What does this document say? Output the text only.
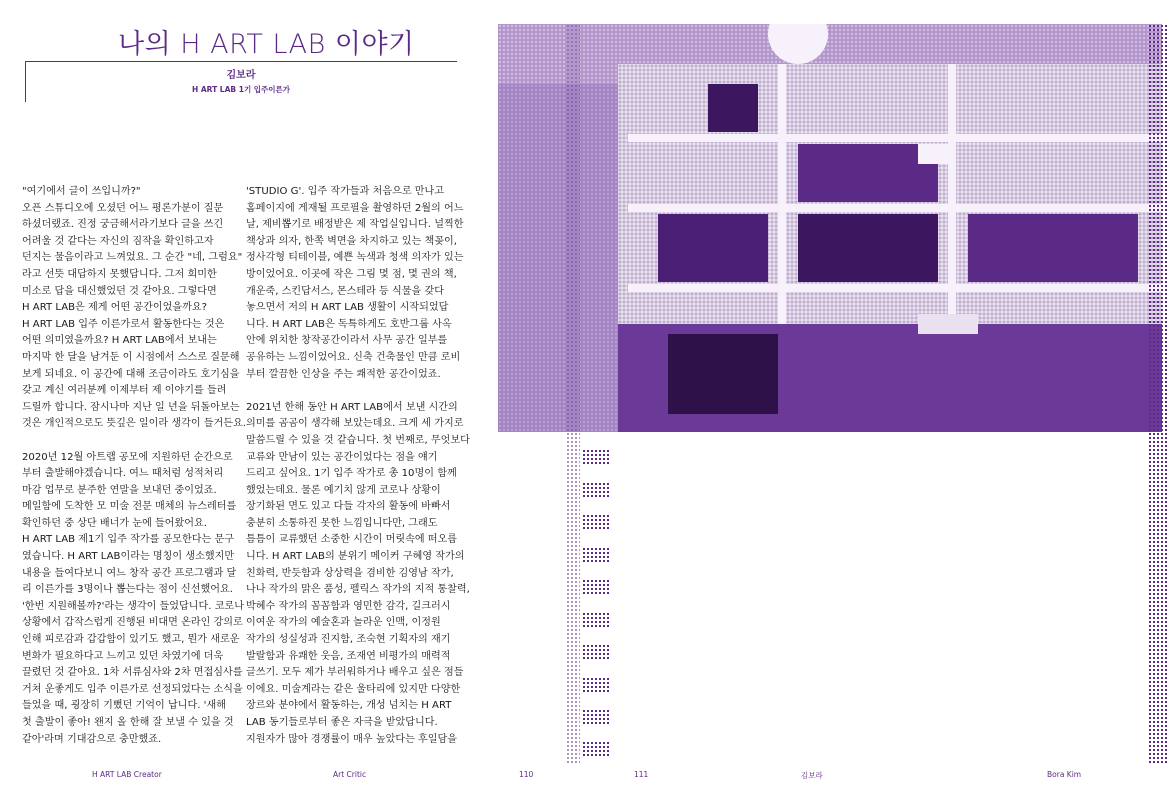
나의 H ART LAB 이야기
김보라
H ART LAB 1기 입주이른가

"여기에서 글이 쓰입니까?"

오픈 스튜디오에 오셨던 어느 평론가분이 질문

하셨더랬죠. 진정 궁금해서라기보다 글을 쓰긴

어려울 것 같다는 자신의 짐작을 확인하고자

던지는 물음이라고 느껴었요. 그 순간 "네, 그럼요"

라고 선뜻 대답하지 못했답니다. 그저 희미한

미소로 답을 대신했었던 것 같아요. 그렇다면

H ART LAB은 제게 어떤 공간이었을까요?

H ART LAB 입주 이른가로서 활동한다는 것은

어떤 의미였을까요? H ART LAB에서 보내는

마지막 한 달을 남겨둔 이 시점에서 스스로 질문해

보게 되네요. 이 공간에 대해 조금이라도 호기심을

갖고 계신 여러분께 이제부터 제 이야기를 들려

드릴까 합니다. 잠시나마 지난 일 년을 뒤돌아보는

것은 개인적으로도 뜻깊은 일이라 생각이 들거든요.

2020년 12월 아트랩 공모에 지원하던 순간으로

부터 출발해야겠습니다. 여느 때처럼 성적처리

마감 업무로 분주한 연말을 보내던 중이었죠.

메일함에 도착한 모 미술 전문 매체의 뉴스레터를

확인하던 중 상단 배너가 눈에 들어왔어요.

H ART LAB 제1기 입주 작가를 공모한다는 문구

였습니다. H ART LAB이라는 명칭이 생소했지만

내용을 들여다보니 여느 창작 공간 프로그램과 달

리 이른가를 3명이나 뽑는다는 점이 신선했어요.

'한번 지원해볼까?'라는 생각이 들었답니다. 코로나

상황에서 갑작스럽게 진행된 비대면 온라인 강의로

인해 피로감과 갑갑함이 있기도 했고, 뭔가 새로운

변화가 필요하다고 느끼고 있던 차였기에 더욱

끌렸던 것 같아요. 1차 서류심사와 2차 면접심사를

거쳐 운좋게도 입주 이른가로 선정되었다는 소식을

들었을 때, 굉장히 기뻤던 기억이 납니다. '새해

첫 출발이 좋아! 왠지 올 한해 잘 보낼 수 있을 것

같아'라며 기대감으로 충만했죠.

'STUDIO G'. 입주 작가들과 처음으로 만나고

홈페이지에 게재될 프로필을 촬영하던 2월의 어느

날, 제비뽑기로 배정받은 제 작업실입니다. 널찍한

책상과 의자, 한쪽 벽면을 차지하고 있는 책꽂이,

정사각형 티테이블, 예쁜 녹색과 청색 의자가 있는

방이었어요. 이곳에 작은 그림 몇 점, 몇 권의 책,

개운죽, 스킨답서스, 몬스테라 등 식물을 갖다

놓으면서 저의 H ART LAB 생활이 시작되었답

니다. H ART LAB은 독특하게도 호반그룹 사옥

안에 위치한 창작공간이라서 사무 공간 일부를

공유하는 느낌이었어요. 신축 건축물인 만큼 로비

부터 깔끔한 인상을 주는 쾌적한 공간이었죠.

2021년 한해 동안 H ART LAB에서 보낸 시간의

의미를 곰곰이 생각해 보았는데요. 크게 세 가지로

말씀드릴 수 있을 것 같습니다. 첫 번째로, 무엇보다

교류와 만남이 있는 공간이었다는 점을 얘기

드리고 싶어요. 1기 입주 작가로 총 10명이 함께

했었는데요. 물론 예기치 않게 코로나 상황이

장기화된 면도 있고 다들 각자의 활동에 바빠서

충분히 소통하진 못한 느낌입니다만, 그래도

틈틈이 교류했던 소중한 시간이 머릿속에 떠오릅

니다. H ART LAB의 분위기 메이커 구혜영 작가의

친화력, 반듯함과 상상력을 겸비한 김영남 작가,

나나 작가의 맑은 품성, 펠릭스 작가의 지적 통찰력,

박혜수 작가의 꼼꼼함과 영민한 감각, 길크러시

이여운 작가의 예술혼과 놀라운 인맥, 이정원

작가의 성실성과 진지함, 조숙현 기획자의 재기

발랄함과 유쾌한 웃음, 조재연 비평가의 매력적

글쓰기. 모두 제가 부러워하거나 배우고 싶은 점들

이에요. 미술계라는 같은 울타리에 있지만 다양한

장르와 분야에서 활동하는, 개성 넘치는 H ART

LAB 동기들로부터 좋은 자극을 받았답니다.

지원자가 많아 경쟁률이 매우 높았다는 후일담을

H ART LAB Creator	Art Critic	110	111	김보라	Bora Kim
